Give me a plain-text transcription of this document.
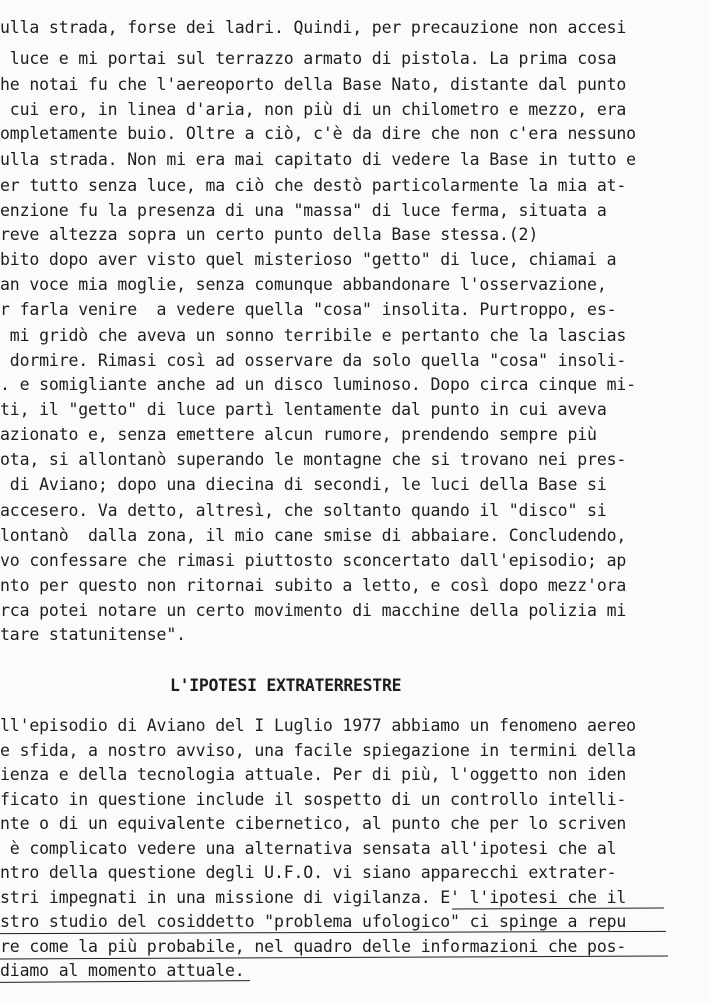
ulla strada, forse dei ladri. Quindi, per precauzione non accesi

luce e mi portai sul terrazzo armato di pistola. La prima cosa

he notai fu che l'aereoporto della Base Nato, distante dal punto

cui ero, in linea d'aria, non più di un chilometro e mezzo, era

ompletamente buio. Oltre a ciò, c'è da dire che non c'era nessuno

ulla strada. Non mi era mai capitato di vedere la Base in tutto e

er tutto senza luce, ma ciò che destò particolarmente la mia at-

enzione fu la presenza di una "massa" di luce ferma, situata a

reve altezza sopra un certo punto della Base stessa.(2)

bito dopo aver visto quel misterioso "getto" di luce, chiamai a

an voce mia moglie, senza comunque abbandonare l'osservazione,

r farla venire  a vedere quella "cosa" insolita. Purtroppo, es-

mi gridò che aveva un sonno terribile e pertanto che la lascias

dormire. Rimasi così ad osservare da solo quella "cosa" insoli-

. e somigliante anche ad un disco luminoso. Dopo circa cinque mi-

ti, il "getto" di luce partì lentamente dal punto in cui aveva

azionato e, senza emettere alcun rumore, prendendo sempre più

ota, si allontanò superando le montagne che si trovano nei pres-

di Aviano; dopo una diecina di secondi, le luci della Base si

accesero. Va detto, altresì, che soltanto quando il "disco" si

lontanò  dalla zona, il mio cane smise di abbaiare. Concludendo,

vo confessare che rimasi piuttosto sconcertato dall'episodio; ap

nto per questo non ritornai subito a letto, e così dopo mezz'ora

rca potei notare un certo movimento di macchine della polizia mi

tare statunitense".

L'IPOTESI EXTRATERRESTRE

ll'episodio di Aviano del I Luglio 1977 abbiamo un fenomeno aereo

e sfida, a nostro avviso, una facile spiegazione in termini della

ienza e della tecnologia attuale. Per di più, l'oggetto non iden

ficato in questione include il sospetto di un controllo intelli-

nte o di un equivalente cibernetico, al punto che per lo scriven

è complicato vedere una alternativa sensata all'ipotesi che al

ntro della questione degli U.F.O. vi siano apparecchi extrater-

stri impegnati in una missione di vigilanza. E' l'ipotesi che il

stro studio del cosiddetto "problema ufologico" ci spinge a repu

re come la più probabile, nel quadro delle informazioni che pos-

diamo al momento attuale.
